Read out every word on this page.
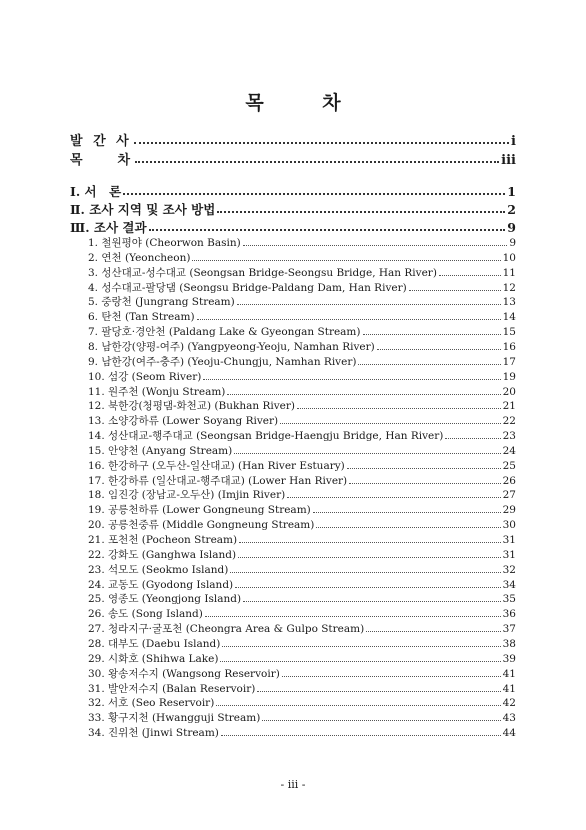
목 차
발 간 사	i
목　　차	iii
Ⅰ. 서　론	1
Ⅱ. 조사 지역 및 조사 방법	2
Ⅲ. 조사 결과	9
1. 철원평야 (Cheorwon Basin)	9
2. 연천 (Yeoncheon)	10
3. 성산대교-성수대교 (Seongsan Bridge-Seongsu Bridge, Han River)	11
4. 성수대교-팔당댐 (Seongsu Bridge-Paldang Dam, Han River)	12
5. 중랑천 (Jungrang Stream)	13
6. 탄천 (Tan Stream)	14
7. 팔당호·경안천 (Paldang Lake & Gyeongan Stream)	15
8. 남한강(양평-여주) (Yangpyeong-Yeoju, Namhan River)	16
9. 남한강(여주-충주) (Yeoju-Chungju, Namhan River)	17
10. 섬강 (Seom River)	19
11. 원주천 (Wonju Stream)	20
12. 북한강(청평댐-화천교) (Bukhan River)	21
13. 소양강하류 (Lower Soyang River)	22
14. 성산대교-행주대교 (Seongsan Bridge-Haengju Bridge, Han River)	23
15. 안양천 (Anyang Stream)	24
16. 한강하구 (오두산-일산대교) (Han River Estuary)	25
17. 한강하류 (일산대교-행주대교) (Lower Han River)	26
18. 임진강 (장남교-오두산) (Imjin River)	27
19. 공릉천하류 (Lower Gongneung Stream)	29
20. 공릉천중류 (Middle Gongneung Stream)	30
21. 포천천 (Pocheon Stream)	31
22. 강화도 (Ganghwa Island)	31
23. 석모도 (Seokmo Island)	32
24. 교동도 (Gyodong Island)	34
25. 영종도 (Yeongjong Island)	35
26. 송도 (Song Island)	36
27. 청라지구·굴포천 (Cheongra Area & Gulpo Stream)	37
28. 대부도 (Daebu Island)	38
29. 시화호 (Shihwa Lake)	39
30. 왕송저수지 (Wangsong Reservoir)	41
31. 발안저수지 (Balan Reservoir)	41
32. 서호 (Seo Reservoir)	42
33. 황구지천 (Hwangguji Stream)	43
34. 진위천 (Jinwi Stream)	44
- iii -
